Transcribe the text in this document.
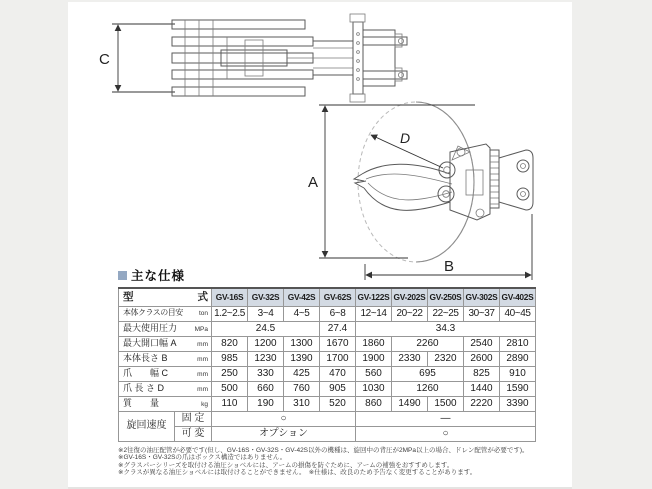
C
A
B
D
主な仕様
型 式		GV-16S	GV-32S	GV-42S	GV-62S	GV-122S	GV-202S	GV-250S	GV-302S	GV-402S

本体クラスの目安 ton		1.2~2.5	3~4	4~5	6~8	12~14	20~22	22~25	30~37	40~45

最大使用圧力 MPa		24.5			27.4	34.3				

最大開口幅 A mm		820	1200	1300	1670	1860	2260		2540	2810

本体長さ B mm		985	1230	1390	1700	1900	2330	2320	2600	2890

爪　　幅 C mm		250	330	425	470	560	695		825	910

爪 長 さ D mm		500	660	760	905	1030	1260		1440	1590

質　　量 kg		110	190	310	520	860	1490	1500	2220	3390
旋回速度	固 定	○				—				
	可 変	オプション				○				
※2往復の油圧配管が必要です(但し、GV-16S・GV-32S・GV-42S以外の機種は、旋回中の背圧が2MPa以上の場合、ドレン配管が必要です)。
※GV-16S・GV-32Sの爪はボックス構造ではありません。
※グラスパーシリーズを取付ける油圧ショベルには、アームの損傷を防ぐために、アームの補強をおすすめします。
※クラスが異なる油圧ショベルには取付けることができません。　※仕様は、改良のため予告なく変更することがあります。
